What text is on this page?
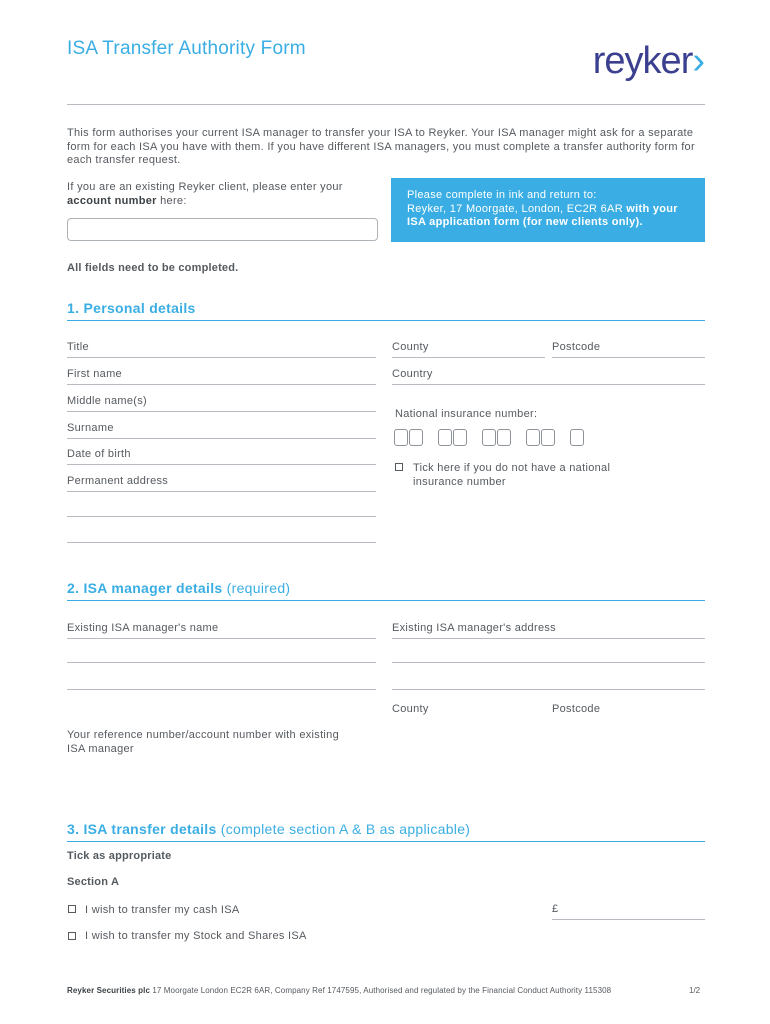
ISA Transfer Authority Form	reyker›
This form authorises your current ISA manager to transfer your ISA to Reyker. Your ISA manager might ask for a separate form for each ISA you have with them. If you have different ISA managers, you must complete a transfer authority form for each transfer request.
If you are an existing Reyker client, please enter your
account number here:	Please complete in ink and return to:
Reyker, 17 Moorgate, London, EC2R 6AR with your
ISA application form (for new clients only).
All fields need to be completed.
1. Personal details
Title
First name
Middle name(s)
Surname
Date of birth
Permanent address
County	Postcode
Country
National insurance number:
Tick here if you do not have a national
insurance number
2. ISA manager details (required)
Existing ISA manager's name	Existing ISA manager's address
County	Postcode
Your reference number/account number with existing
ISA manager
3. ISA transfer details (complete section A & B as applicable)
Tick as appropriate
Section A
I wish to transfer my cash ISA	£
I wish to transfer my Stock and Shares ISA
Reyker Securities plc 17 Moorgate London EC2R 6AR, Company Ref 1747595, Authorised and regulated by the Financial Conduct Authority 115308	1/2
